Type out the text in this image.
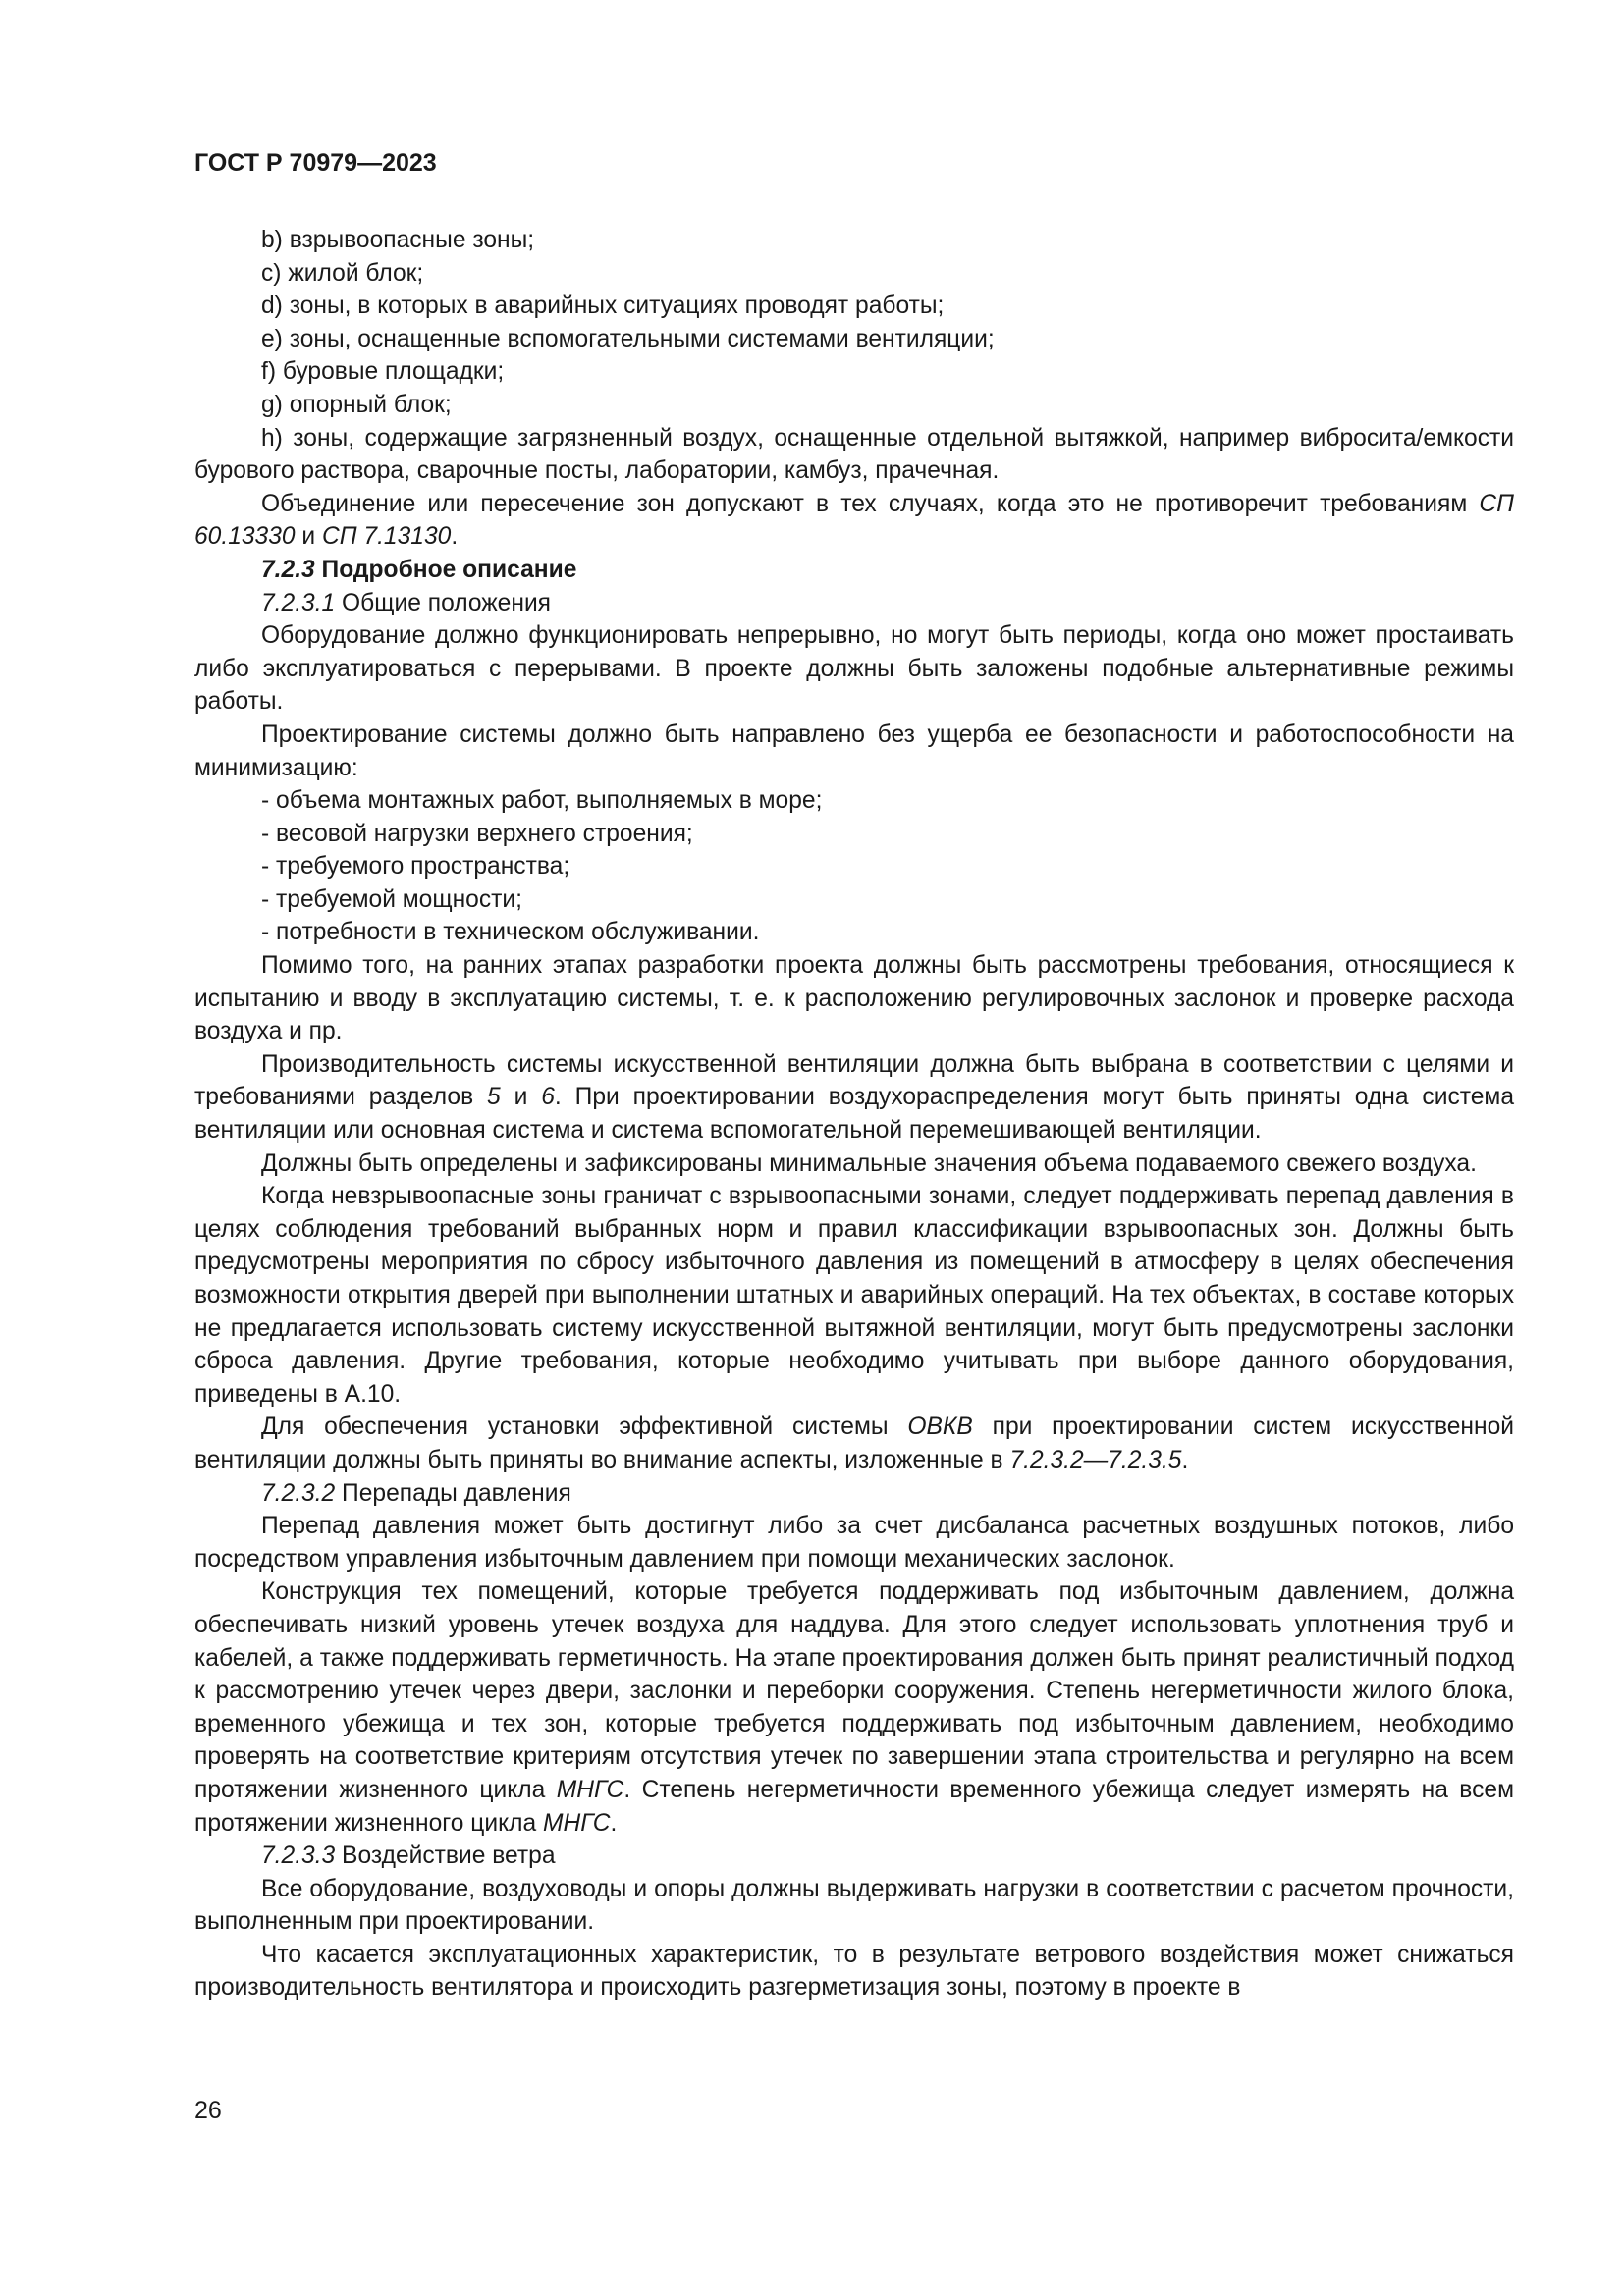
ГОСТ Р 70979—2023

b) взрывоопасные зоны;

c) жилой блок;

d) зоны, в которых в аварийных ситуациях проводят работы;

e) зоны, оснащенные вспомогательными системами вентиляции;

f) буровые площадки;

g) опорный блок;

h) зоны, содержащие загрязненный воздух, оснащенные отдельной вытяжкой, например вибросита/емкости бурового раствора, сварочные посты, лаборатории, камбуз, прачечная.

Объединение или пересечение зон допускают в тех случаях, когда это не противоречит требованиям СП 60.13330 и СП 7.13130.

7.2.3 Подробное описание

7.2.3.1 Общие положения

Оборудование должно функционировать непрерывно, но могут быть периоды, когда оно может простаивать либо эксплуатироваться с перерывами. В проекте должны быть заложены подобные альтернативные режимы работы.

Проектирование системы должно быть направлено без ущерба ее безопасности и работоспособности на минимизацию:

- объема монтажных работ, выполняемых в море;

- весовой нагрузки верхнего строения;

- требуемого пространства;

- требуемой мощности;

- потребности в техническом обслуживании.

Помимо того, на ранних этапах разработки проекта должны быть рассмотрены требования, относящиеся к испытанию и вводу в эксплуатацию системы, т. е. к расположению регулировочных заслонок и проверке расхода воздуха и пр.

Производительность системы искусственной вентиляции должна быть выбрана в соответствии с целями и требованиями разделов 5 и 6. При проектировании воздухораспределения могут быть приняты одна система вентиляции или основная система и система вспомогательной перемешивающей вентиляции.

Должны быть определены и зафиксированы минимальные значения объема подаваемого свежего воздуха.

Когда невзрывоопасные зоны граничат с взрывоопасными зонами, следует поддерживать перепад давления в целях соблюдения требований выбранных норм и правил классификации взрывоопасных зон. Должны быть предусмотрены мероприятия по сбросу избыточного давления из помещений в атмосферу в целях обеспечения возможности открытия дверей при выполнении штатных и аварийных операций. На тех объектах, в составе которых не предлагается использовать систему искусственной вытяжной вентиляции, могут быть предусмотрены заслонки сброса давления. Другие требования, которые необходимо учитывать при выборе данного оборудования, приведены в А.10.

Для обеспечения установки эффективной системы ОВКВ при проектировании систем искусственной вентиляции должны быть приняты во внимание аспекты, изложенные в 7.2.3.2—7.2.3.5.

7.2.3.2 Перепады давления

Перепад давления может быть достигнут либо за счет дисбаланса расчетных воздушных потоков, либо посредством управления избыточным давлением при помощи механических заслонок.

Конструкция тех помещений, которые требуется поддерживать под избыточным давлением, должна обеспечивать низкий уровень утечек воздуха для наддува. Для этого следует использовать уплотнения труб и кабелей, а также поддерживать герметичность. На этапе проектирования должен быть принят реалистичный подход к рассмотрению утечек через двери, заслонки и переборки сооружения. Степень негерметичности жилого блока, временного убежища и тех зон, которые требуется поддерживать под избыточным давлением, необходимо проверять на соответствие критериям отсутствия утечек по завершении этапа строительства и регулярно на всем протяжении жизненного цикла МНГС. Степень негерметичности временного убежища следует измерять на всем протяжении жизненного цикла МНГС.

7.2.3.3 Воздействие ветра

Все оборудование, воздуховоды и опоры должны выдерживать нагрузки в соответствии с расчетом прочности, выполненным при проектировании.

Что касается эксплуатационных характеристик, то в результате ветрового воздействия может снижаться производительность вентилятора и происходить разгерметизация зоны, поэтому в проекте в

26
